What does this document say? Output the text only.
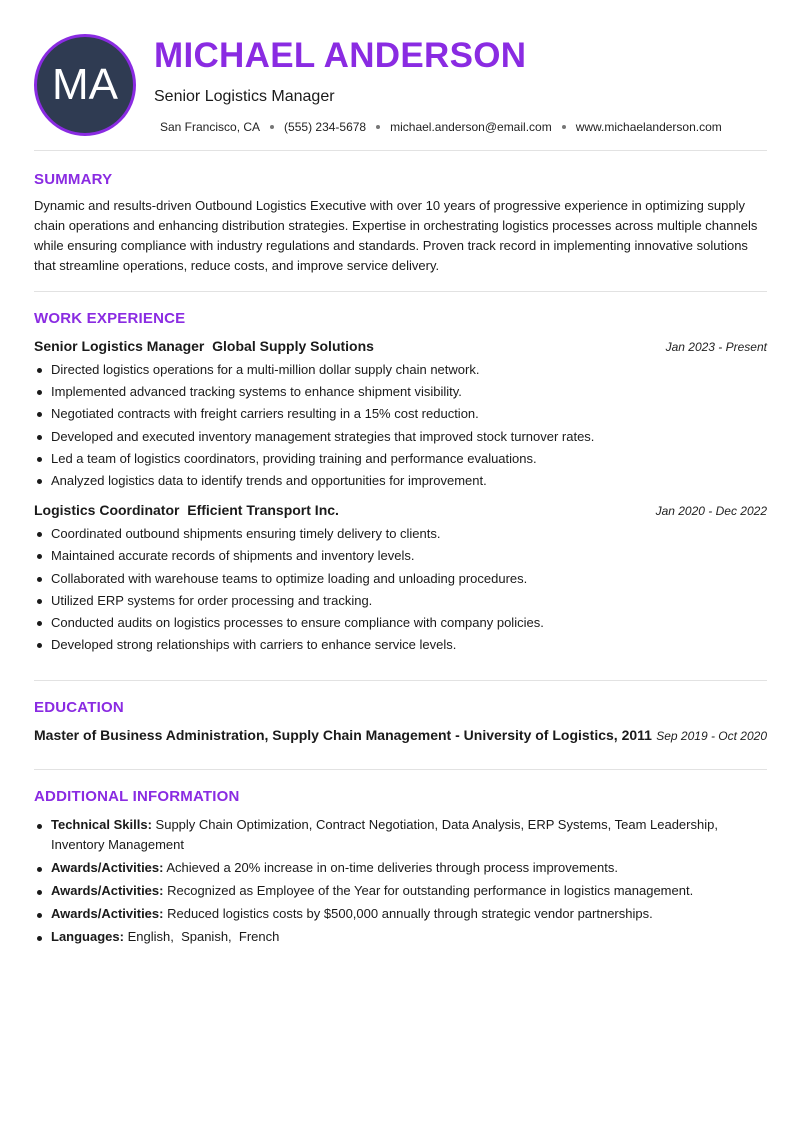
MA
MICHAEL ANDERSON
Senior Logistics Manager
San Francisco, CA (555) 234-5678 michael.anderson@email.com www.michaelanderson.com
SUMMARY

Dynamic and results-driven Outbound Logistics Executive with over 10 years of progressive experience in optimizing supply chain operations and enhancing distribution strategies. Expertise in orchestrating logistics processes across multiple channels while ensuring compliance with industry regulations and standards. Proven track record in implementing innovative solutions that streamline operations, reduce costs, and improve service delivery.

WORK EXPERIENCE
Senior Logistics Manager Global Supply Solutions	Jan 2023 - Present
Directed logistics operations for a multi-million dollar supply chain network.
Implemented advanced tracking systems to enhance shipment visibility.
Negotiated contracts with freight carriers resulting in a 15% cost reduction.
Developed and executed inventory management strategies that improved stock turnover rates.
Led a team of logistics coordinators, providing training and performance evaluations.
Analyzed logistics data to identify trends and opportunities for improvement.
Logistics Coordinator Efficient Transport Inc.	Jan 2020 - Dec 2022
Coordinated outbound shipments ensuring timely delivery to clients.
Maintained accurate records of shipments and inventory levels.
Collaborated with warehouse teams to optimize loading and unloading procedures.
Utilized ERP systems for order processing and tracking.
Conducted audits on logistics processes to ensure compliance with company policies.
Developed strong relationships with carriers to enhance service levels.
EDUCATION
Master of Business Administration, Supply Chain Management - University of Logistics, 2011 Sep 2019 - Oct 2020
ADDITIONAL INFORMATION
Technical Skills: Supply Chain Optimization, Contract Negotiation, Data Analysis, ERP Systems, Team Leadership, Inventory Management
Awards/Activities: Achieved a 20% increase in on-time deliveries through process improvements.
Awards/Activities: Recognized as Employee of the Year for outstanding performance in logistics management.
Awards/Activities: Reduced logistics costs by $500,000 annually through strategic vendor partnerships.
Languages: English,  Spanish,  French
